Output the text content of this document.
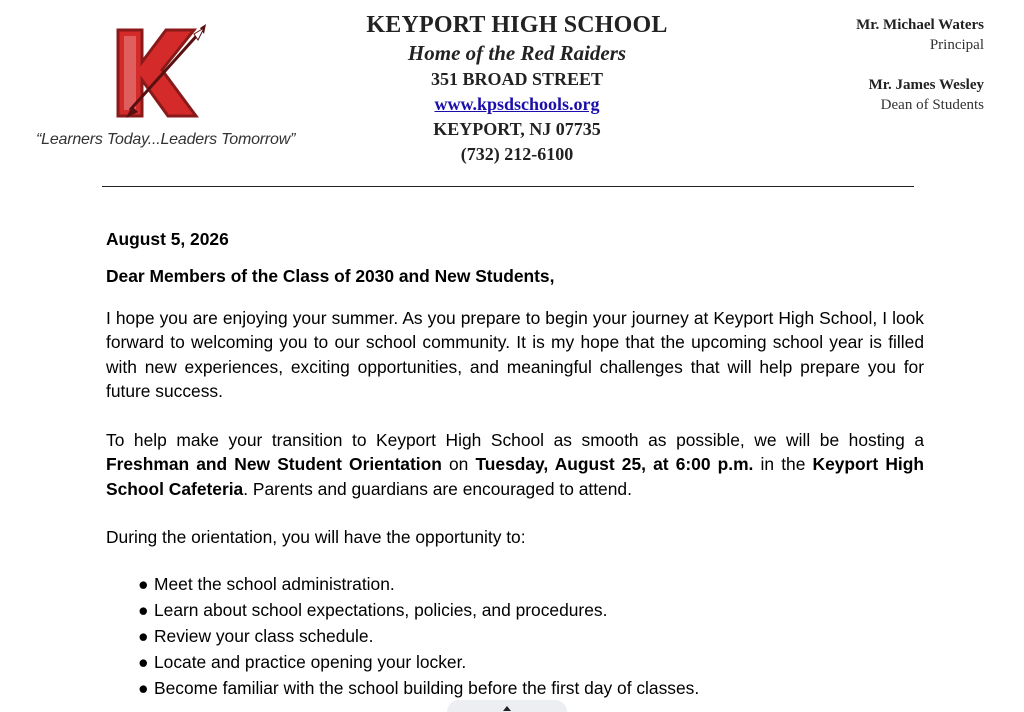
“Learners Today...Leaders Tomorrow”
KEYPORT HIGH SCHOOL
Home of the Red Raiders
351 BROAD STREET
www.kpsdschools.org
KEYPORT, NJ 07735
(732) 212-6100
Mr. Michael Waters
Principal
Mr. James Wesley
Dean of Students
August 5, 2026
Dear Members of the Class of 2030 and New Students,
I hope you are enjoying your summer. As you prepare to begin your journey at Keyport High School, I look forward to welcoming you to our school community. It is my hope that the upcoming school year is filled with new experiences, exciting opportunities, and meaningful challenges that will help prepare you for future success.
To help make your transition to Keyport High School as smooth as possible, we will be hosting a Freshman and New Student Orientation on Tuesday, August 25, at 6:00 p.m. in the Keyport High School Cafeteria. Parents and guardians are encouraged to attend.
During the orientation, you will have the opportunity to:
● Meet the school administration.
● Learn about school expectations, policies, and procedures.
● Review your class schedule.
● Locate and practice opening your locker.
● Become familiar with the school building before the first day of classes.
